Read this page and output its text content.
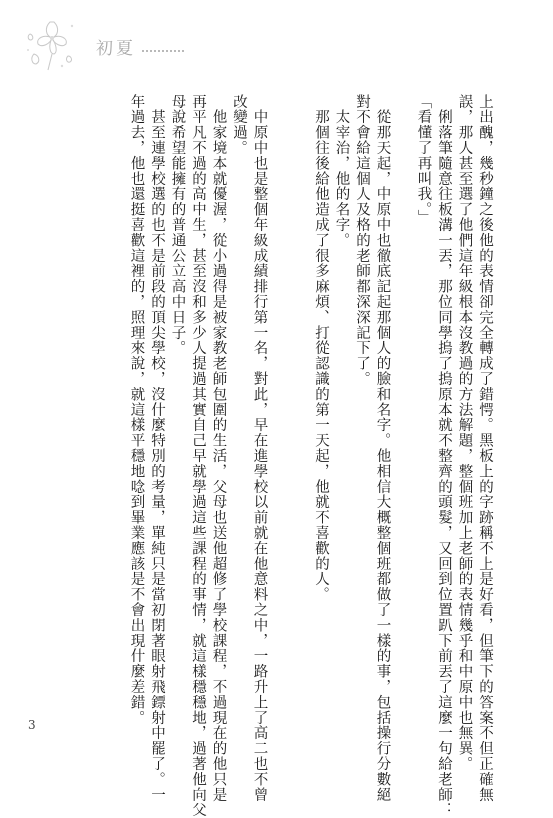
初夏
上出醜，幾秒鐘之後他的表情卻完全轉成了錯愕。黑板上的字跡稱不上是好看，但筆下的答案不但正確無
誤，那人甚至選了他們這年級根本沒教過的方法解題，整個班加上老師的表情幾乎和中原中也無異。
　俐落筆隨意往板溝一丟，那位同學摀了摀原本就不整齊的頭髮，又回到位置趴下前丟了這麼一句給老師：
「看懂了再叫我。」
　從那天起，中原中也徹底記起那個人的臉和名字。他相信大概整個班都做了一樣的事，包括操行分數絕
對不會給這個人及格的老師都深深記下了。
　太宰治，他的名字。
　那個往後給他造成了很多麻煩、打從認識的第一天起，他就不喜歡的人。
　中原中也是整個年級成績排行第一名，對此，早在進學校以前就在他意料之中，一路升上了高二也不曾
改變過。
　他家境本就優渥，從小過得是被家教老師包圍的生活，父母也送他超修了學校課程，不過現在的他只是
再平凡不過的高中生，甚至沒和多少人提過其實自己早就學過這些課程的事情，就這樣穩穩地，過著他向父
母說希望能擁有的普通公立高中日子。
　甚至連學校選的也不是前段的頂尖學校，沒什麼特別的考量，單純只是當初閉著眼射飛鏢射中罷了。一
年過去，他也還挺喜歡這裡的，照理來說，就這樣平穩地唸到畢業應該是不會出現什麼差錯。
3
